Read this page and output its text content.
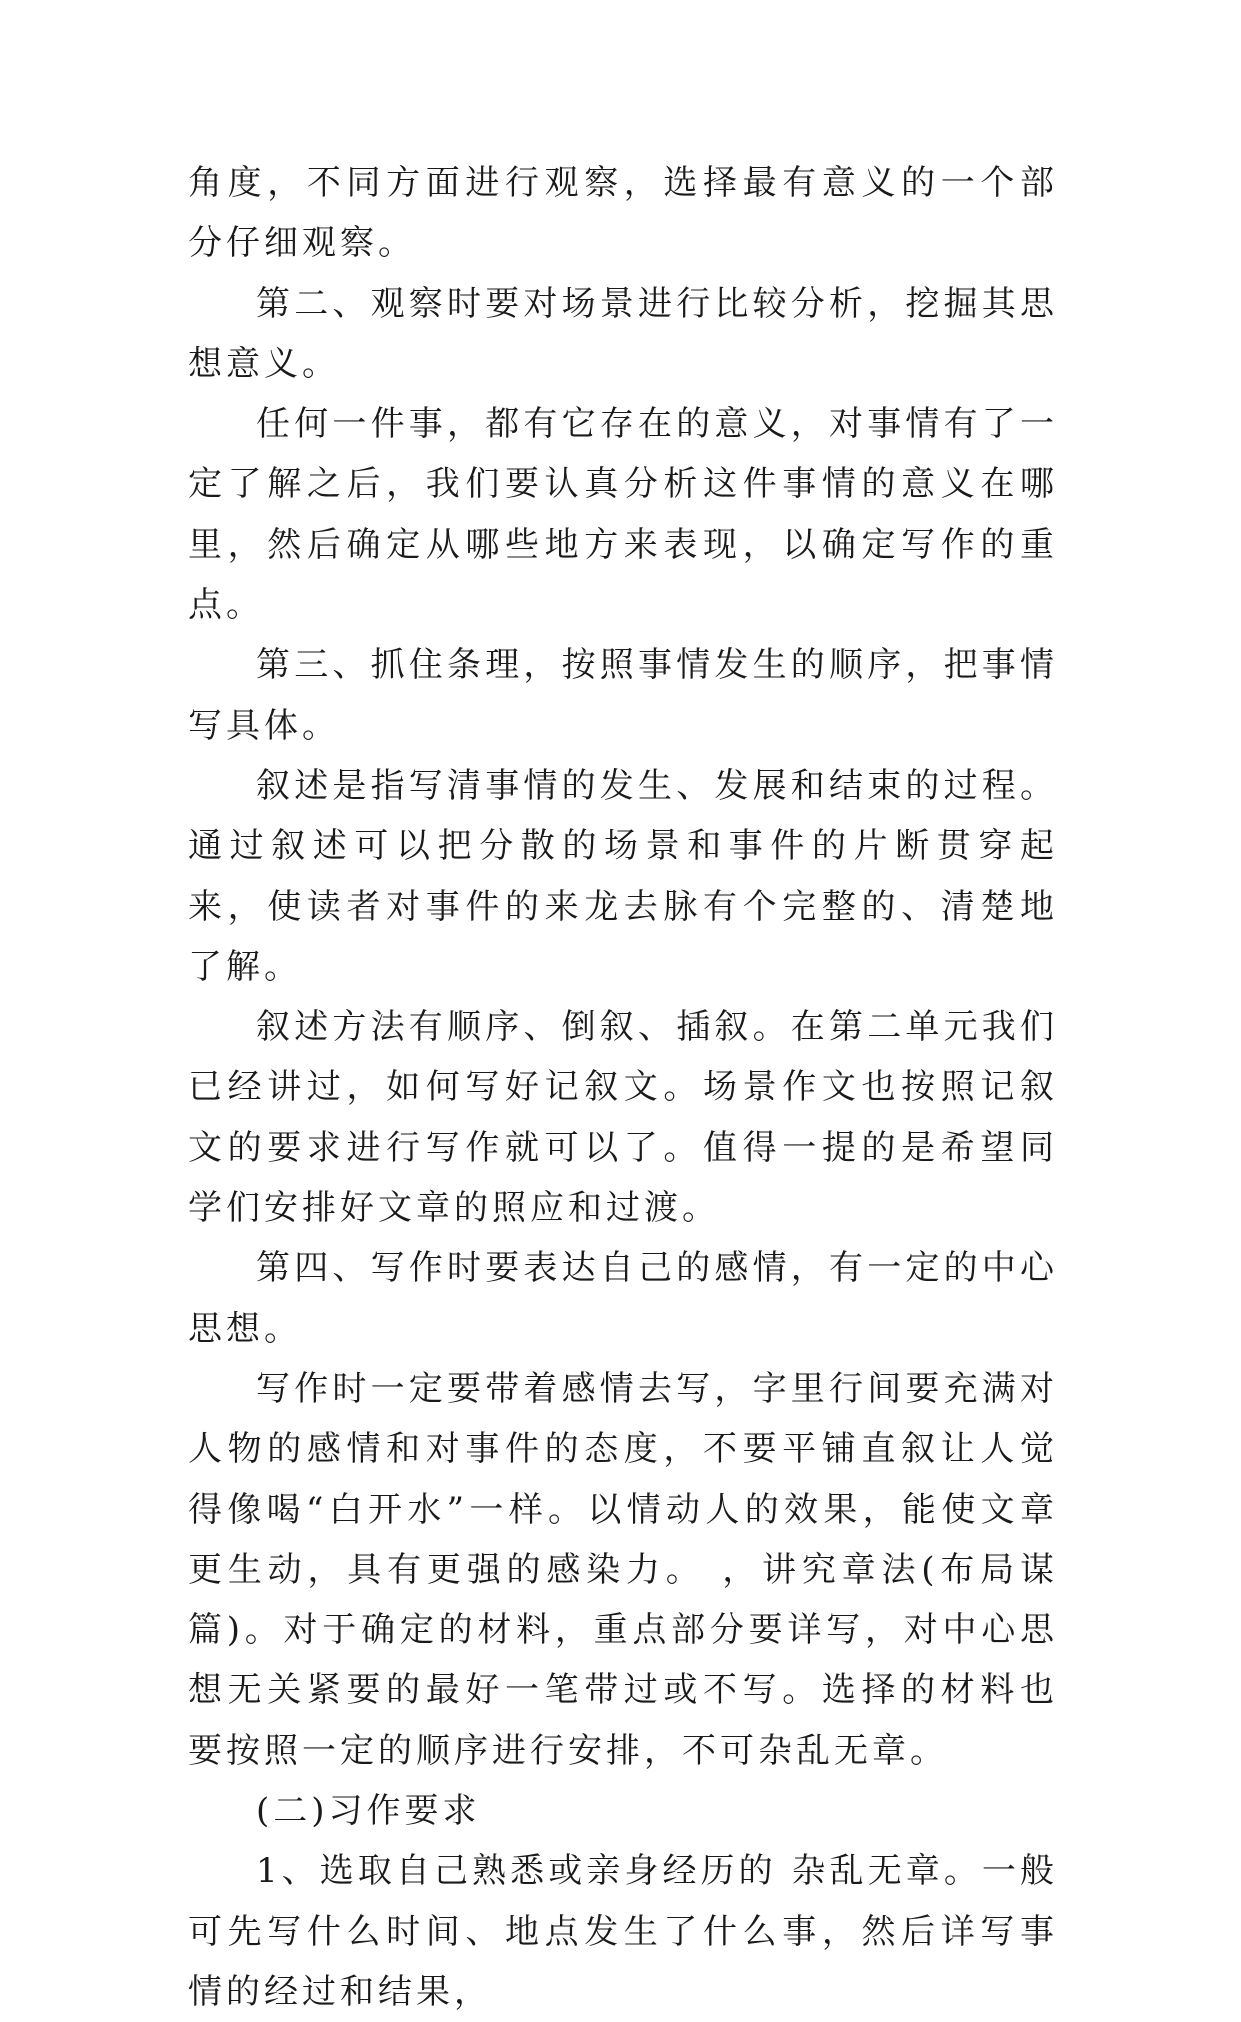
角度，不同方面进行观察，选择最有意义的一个部分仔细观察。

第二、观察时要对场景进行比较分析，挖掘其思想意义。

任何一件事，都有它存在的意义，对事情有了一定了解之后，我们要认真分析这件事情的意义在哪里，然后确定从哪些地方来表现，以确定写作的重点。

第三、抓住条理，按照事情发生的顺序，把事情写具体。

叙述是指写清事情的发生、发展和结束的过程。通过叙述可以把分散的场景和事件的片断贯穿起来，使读者对事件的来龙去脉有个完整的、清楚地了解。

叙述方法有顺序、倒叙、插叙。在第二单元我们已经讲过，如何写好记叙文。场景作文也按照记叙文的要求进行写作就可以了。值得一提的是希望同学们安排好文章的照应和过渡。

第四、写作时要表达自己的感情，有一定的中心思想。

写作时一定要带着感情去写，字里行间要充满对人物的感情和对事件的态度，不要平铺直叙让人觉得像喝“白开水”一样。以情动人的效果，能使文章更生动，具有更强的感染力。 ，讲究章法(布局谋篇)。对于确定的材料，重点部分要详写，对中心思想无关紧要的最好一笔带过或不写。选择的材料也要按照一定的顺序进行安排，不可杂乱无章。

(二)习作要求

1、选取自己熟悉或亲身经历的 杂乱无章。一般可先写什么时间、地点发生了什么事，然后详写事情的经过和结果，
